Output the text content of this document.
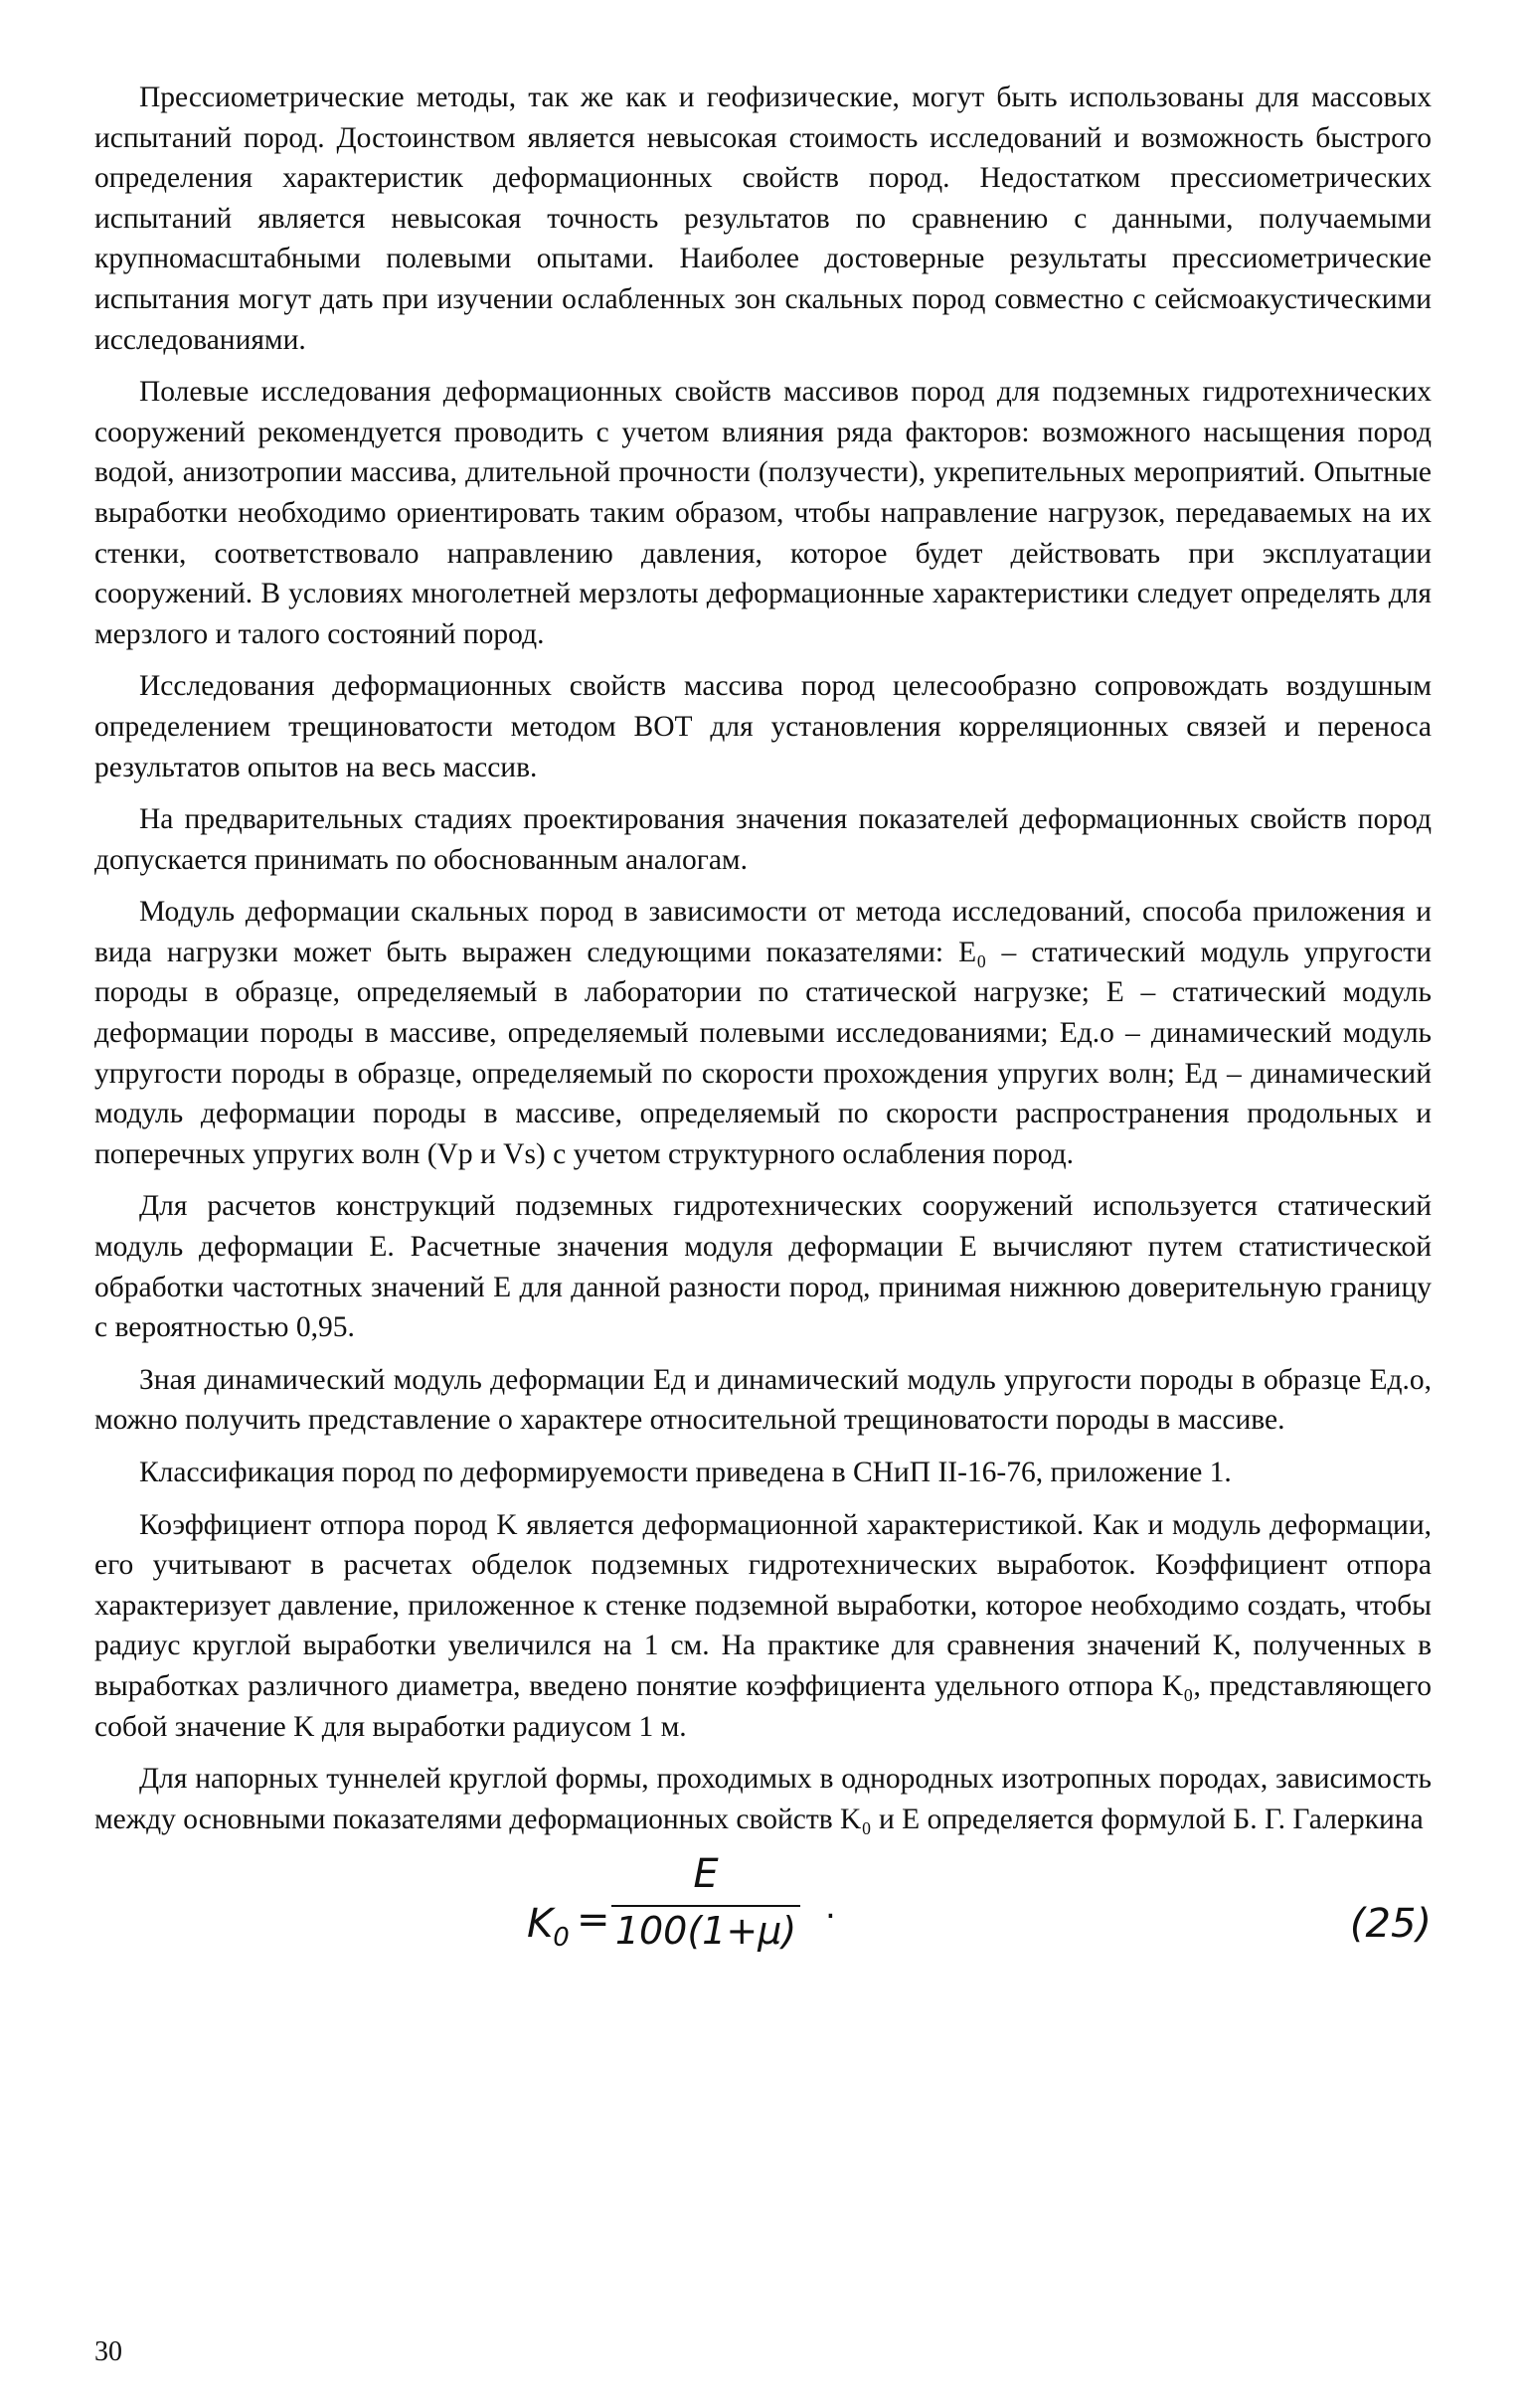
Прессиометрические методы, так же как и геофизические, могут быть использованы для массовых испытаний пород. Достоинством является невысокая стоимость исследований и возможность быстрого определения характеристик деформационных свойств пород. Недостатком прессиометрических испытаний является невысокая точность результатов по сравнению с данными, получаемыми крупномасштабными полевыми опытами. Наиболее достоверные результаты прессиометрические испытания могут дать при изучении ослабленных зон скальных пород совместно с сейсмоакустическими исследованиями.

Полевые исследования деформационных свойств массивов пород для подземных гидротехнических сооружений рекомендуется проводить с учетом влияния ряда факторов: возможного насыщения пород водой, анизотропии массива, длительной прочности (ползучести), укрепительных мероприятий. Опытные выработки необходимо ориентировать таким образом, чтобы направление нагрузок, передаваемых на их стенки, соответствовало направлению давления, которое будет действовать при эксплуатации сооружений. В условиях многолетней мерзлоты деформационные характеристики следует определять для мерзлого и талого состояний пород.

Исследования деформационных свойств массива пород целесообразно сопровождать воздушным определением трещиноватости методом ВОТ для установления корреляционных связей и переноса результатов опытов на весь массив.

На предварительных стадиях проектирования значения показателей деформационных свойств пород допускается принимать по обоснованным аналогам.

Модуль деформации скальных пород в зависимости от метода исследований, способа приложения и вида нагрузки может быть выражен следующими показателями: E₀ – статический модуль упругости породы в образце, определяемый в лаборатории по статической нагрузке; E – статический модуль деформации породы в массиве, определяемый полевыми исследованиями; Eд.о – динамический модуль упругости породы в образце, определяемый по скорости прохождения упругих волн; Eд – динамический модуль деформации породы в массиве, определяемый по скорости распространения продольных и поперечных упругих волн (Vp и Vs) с учетом структурного ослабления пород.

Для расчетов конструкций подземных гидротехнических сооружений используется статический модуль деформации E. Расчетные значения модуля деформации E вычисляют путем статистической обработки частотных значений E для данной разности пород, принимая нижнюю доверительную границу с вероятностью 0,95.

Зная динамический модуль деформации Eд и динамический модуль упругости породы в образце Eд.о, можно получить представление о характере относительной трещиноватости породы в массиве.

Классификация пород по деформируемости приведена в СНиП II-16-76, приложение 1.

Коэффициент отпора пород K является деформационной характеристикой. Как и модуль деформации, его учитывают в расчетах обделок подземных гидротехнических выработок. Коэффициент отпора характеризует давление, приложенное к стенке подземной выработки, которое необходимо создать, чтобы радиус круглой выработки увеличился на 1 см. На практике для сравнения значений K, полученных в выработках различного диаметра, введено понятие коэффициента удельного отпора K₀, представляющего собой значение K для выработки радиусом 1 м.

Для напорных туннелей круглой формы, проходимых в однородных изотропных породах, зависимость между основными показателями деформационных свойств K₀ и E определяется формулой Б. Г. Галеркина

$K_0$ =
E
100(1+μ)
.	(25)
30
